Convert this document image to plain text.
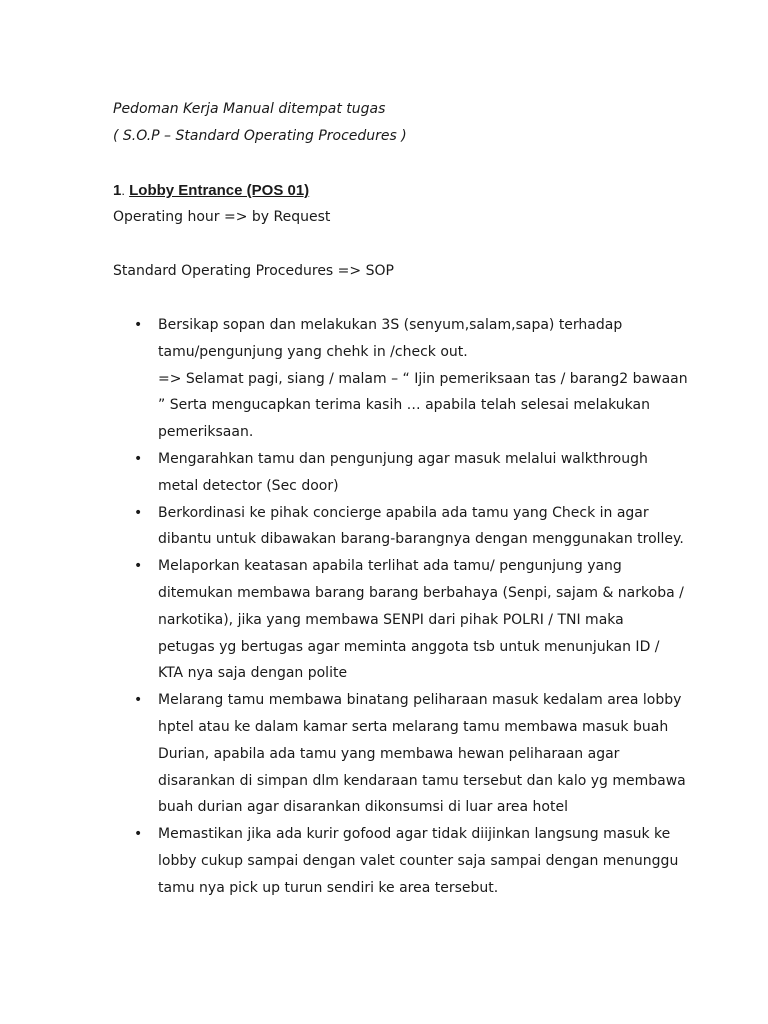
Pedoman Kerja Manual ditempat tugas

( S.O.P – Standard Operating Procedures )

1. Lobby Entrance (POS 01)

Operating hour => by Request

Standard Operating Procedures => SOP

• Bersikap sopan dan melakukan 3S (senyum,salam,sapa) terhadap
tamu/pengunjung yang chehk in /check out.
=> Selamat pagi, siang / malam – “ Ijin pemeriksaan tas / barang2 bawaan
” Serta mengucapkan terima kasih … apabila telah selesai melakukan
pemeriksaan.
• Mengarahkan tamu dan pengunjung agar masuk melalui walkthrough
metal detector (Sec door)
• Berkordinasi ke pihak concierge apabila ada tamu yang Check in agar
dibantu untuk dibawakan barang-barangnya dengan menggunakan trolley.
• Melaporkan keatasan apabila terlihat ada tamu/ pengunjung yang
ditemukan membawa barang barang berbahaya (Senpi, sajam & narkoba /
narkotika), jika yang membawa SENPI dari pihak POLRI / TNI maka
petugas yg bertugas agar meminta anggota tsb untuk menunjukan ID /
KTA nya saja dengan polite
• Melarang tamu membawa binatang peliharaan masuk kedalam area lobby
hptel atau ke dalam kamar serta melarang tamu membawa masuk buah
Durian, apabila ada tamu yang membawa hewan peliharaan agar
disarankan di simpan dlm kendaraan tamu tersebut dan kalo yg membawa
buah durian agar disarankan dikonsumsi di luar area hotel
• Memastikan jika ada kurir gofood agar tidak diijinkan langsung masuk ke
lobby cukup sampai dengan valet counter saja sampai dengan menunggu
tamu nya pick up turun sendiri ke area tersebut.
